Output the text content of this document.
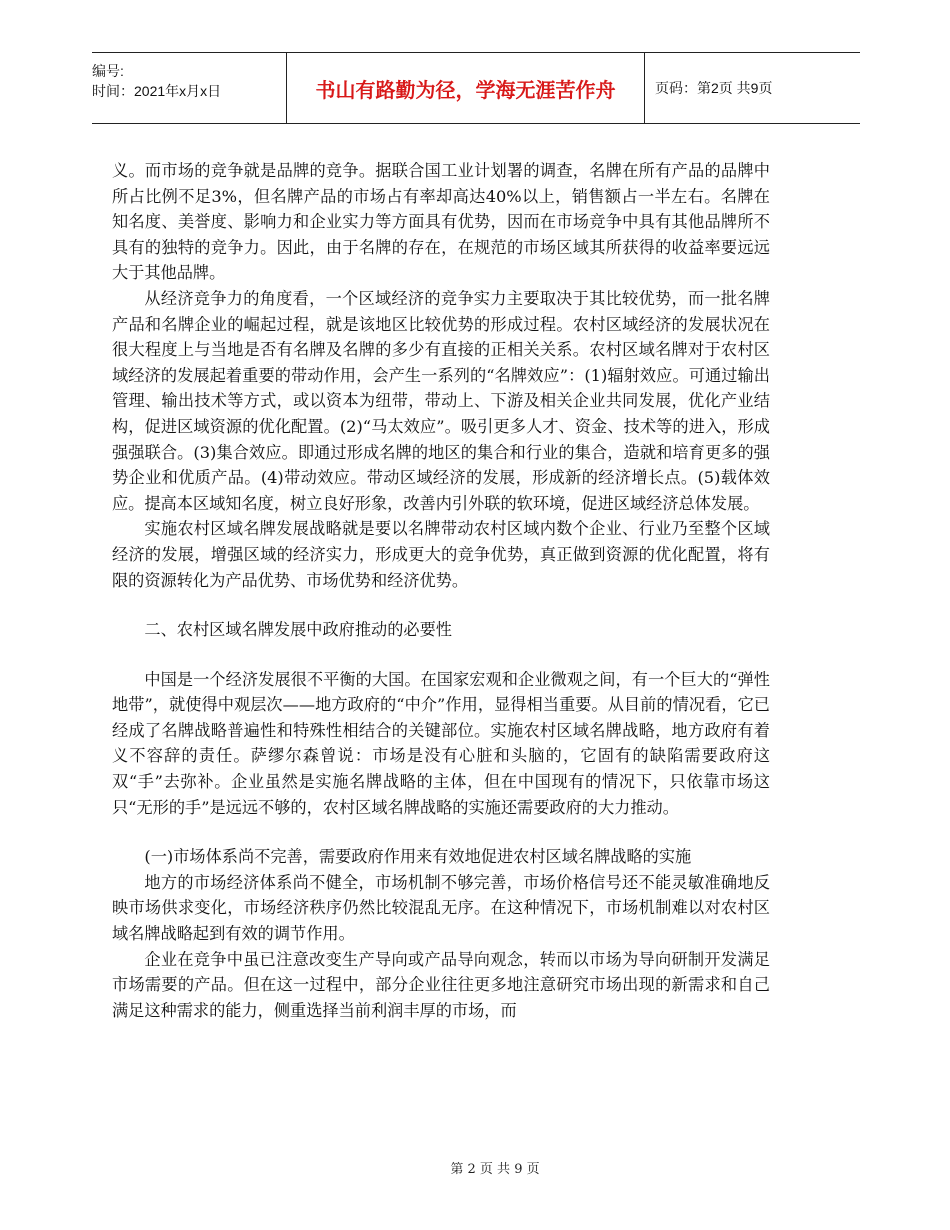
编号:
时间：2021年x月x日	书山有路勤为径，学海无涯苦作舟	页码：第2页 共9页

义。而市场的竞争就是品牌的竞争。据联合国工业计划署的调查，名牌在所有产品的品牌中所占比例不足3%，但名牌产品的市场占有率却高达40%以上，销售额占一半左右。名牌在知名度、美誉度、影响力和企业实力等方面具有优势，因而在市场竞争中具有其他品牌所不具有的独特的竞争力。因此，由于名牌的存在，在规范的市场区域其所获得的收益率要远远大于其他品牌。

从经济竞争力的角度看，一个区域经济的竞争实力主要取决于其比较优势，而一批名牌产品和名牌企业的崛起过程，就是该地区比较优势的形成过程。农村区域经济的发展状况在很大程度上与当地是否有名牌及名牌的多少有直接的正相关关系。农村区域名牌对于农村区域经济的发展起着重要的带动作用，会产生一系列的“名牌效应”：(1)辐射效应。可通过输出管理、输出技术等方式，或以资本为纽带，带动上、下游及相关企业共同发展，优化产业结构，促进区域资源的优化配置。(2)“马太效应”。吸引更多人才、资金、技术等的进入，形成强强联合。(3)集合效应。即通过形成名牌的地区的集合和行业的集合，造就和培育更多的强势企业和优质产品。(4)带动效应。带动区域经济的发展，形成新的经济增长点。(5)载体效应。提高本区域知名度，树立良好形象，改善内引外联的软环境，促进区域经济总体发展。

实施农村区域名牌发展战略就是要以名牌带动农村区域内数个企业、行业乃至整个区域经济的发展，增强区域的经济实力，形成更大的竞争优势，真正做到资源的优化配置，将有限的资源转化为产品优势、市场优势和经济优势。

二、农村区域名牌发展中政府推动的必要性

中国是一个经济发展很不平衡的大国。在国家宏观和企业微观之间，有一个巨大的“弹性地带”，就使得中观层次——地方政府的“中介”作用，显得相当重要。从目前的情况看，它已经成了名牌战略普遍性和特殊性相结合的关键部位。实施农村区域名牌战略，地方政府有着义不容辞的责任。萨缪尔森曾说：市场是没有心脏和头脑的，它固有的缺陷需要政府这双“手”去弥补。企业虽然是实施名牌战略的主体，但在中国现有的情况下，只依靠市场这只“无形的手”是远远不够的，农村区域名牌战略的实施还需要政府的大力推动。

(一)市场体系尚不完善，需要政府作用来有效地促进农村区域名牌战略的实施

地方的市场经济体系尚不健全，市场机制不够完善，市场价格信号还不能灵敏准确地反映市场供求变化，市场经济秩序仍然比较混乱无序。在这种情况下，市场机制难以对农村区域名牌战略起到有效的调节作用。

企业在竞争中虽已注意改变生产导向或产品导向观念，转而以市场为导向研制开发满足市场需要的产品。但在这一过程中，部分企业往往更多地注意研究市场出现的新需求和自己满足这种需求的能力，侧重选择当前利润丰厚的市场，而

第 2 页 共 9 页
